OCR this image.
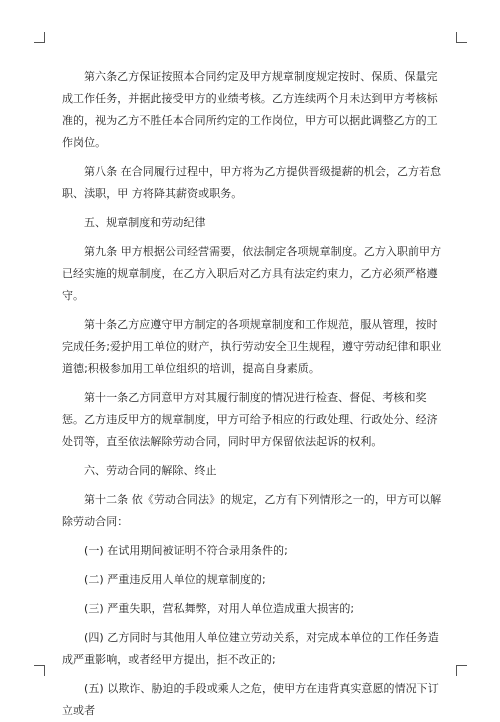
第六条乙方保证按照本合同约定及甲方规章制度规定按时、保质、保量完成工作任务，并据此接受甲方的业绩考核。乙方连续两个月未达到甲方考核标准的，视为乙方不胜任本合同所约定的工作岗位，甲方可以据此调整乙方的工作岗位。

第八条 在合同履行过程中，甲方将为乙方提供晋级提薪的机会，乙方若怠职、渎职，甲 方将降其薪资或职务。

五、规章制度和劳动纪律

第九条 甲方根据公司经营需要，依法制定各项规章制度。乙方入职前甲方已经实施的规章制度，在乙方入职后对乙方具有法定约束力，乙方必须严格遵守。

第十条乙方应遵守甲方制定的各项规章制度和工作规范，服从管理，按时完成任务;爱护用工单位的财产，执行劳动安全卫生规程，遵守劳动纪律和职业道德;积极参加用工单位组织的培训，提高自身素质。

第十一条乙方同意甲方对其履行制度的情况进行检查、督促、考核和奖惩。乙方违反甲方的规章制度，甲方可给予相应的行政处理、行政处分、经济处罚等，直至依法解除劳动合同，同时甲方保留依法起诉的权利。

六、劳动合同的解除、终止

第十二条 依《劳动合同法》的规定，乙方有下列情形之一的，甲方可以解除劳动合同：

(一) 在试用期间被证明不符合录用条件的;

(二) 严重违反用人单位的规章制度的;

(三) 严重失职，营私舞弊，对用人单位造成重大损害的;

(四) 乙方同时与其他用人单位建立劳动关系，对完成本单位的工作任务造成严重影响，或者经甲方提出，拒不改正的;

(五) 以欺诈、胁迫的手段或乘人之危，使甲方在违背真实意愿的情况下订立或者
